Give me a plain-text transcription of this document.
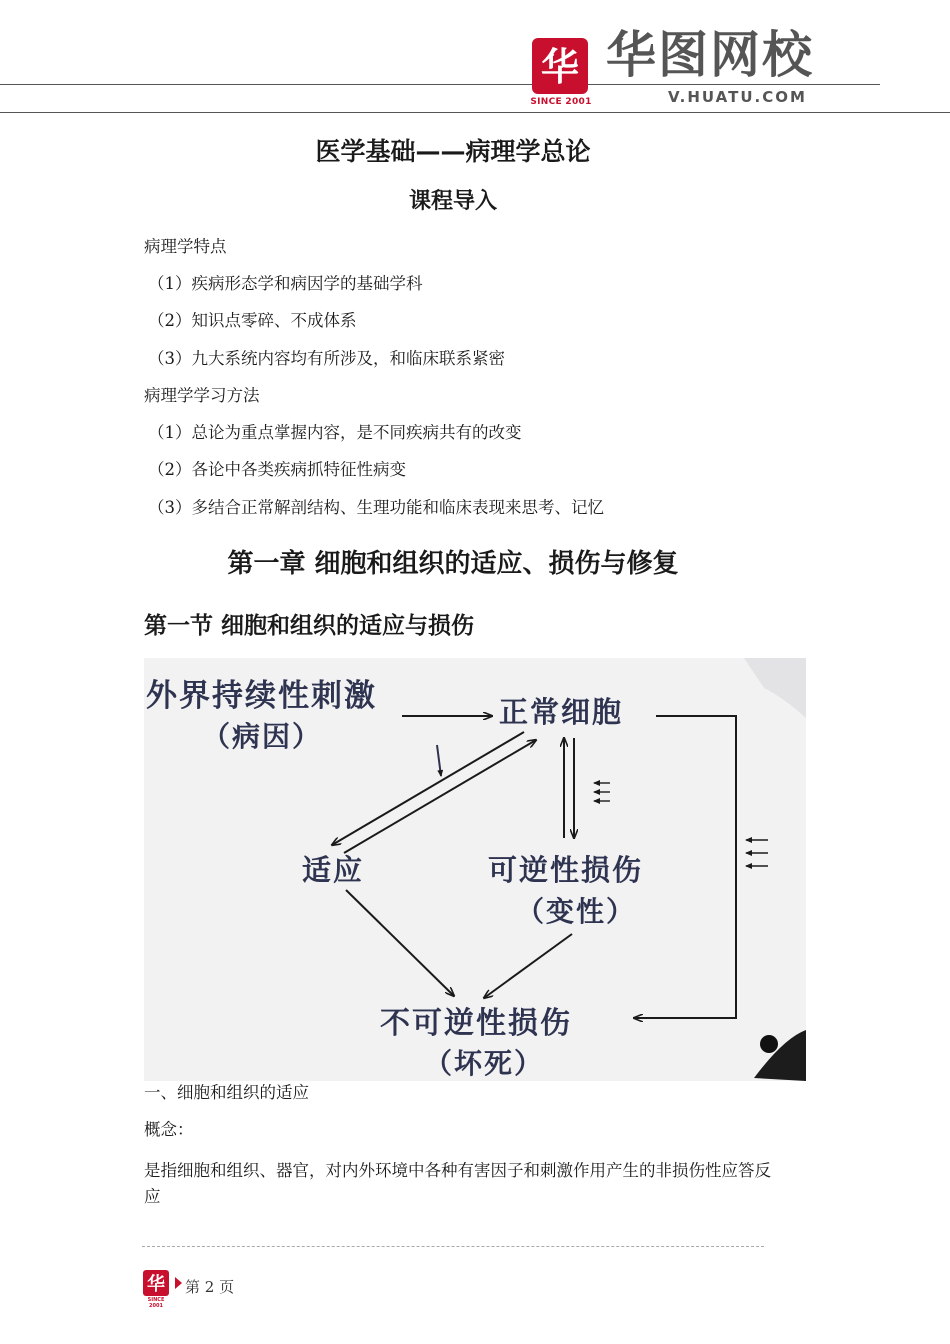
华
SINCE 2001
华图网校
V.HUATU.COM
医学基础——病理学总论
课程导入
病理学特点
（1）疾病形态学和病因学的基础学科
（2）知识点零碎、不成体系
（3）九大系统内容均有所涉及，和临床联系紧密
病理学学习方法
（1）总论为重点掌握内容，是不同疾病共有的改变
（2）各论中各类疾病抓特征性病变
（3）多结合正常解剖结构、生理功能和临床表现来思考、记忆
第一章 细胞和组织的适应、损伤与修复
第一节 细胞和组织的适应与损伤
外界持续性刺激
（病因）
正常细胞
适应	可逆性损伤
（变性）
不可逆性损伤
（坏死）
一、细胞和组织的适应
概念：
是指细胞和组织、器官，对内外环境中各种有害因子和刺激作用产生的非损伤性应答反应
华
SINCE 2001
第 2 页
